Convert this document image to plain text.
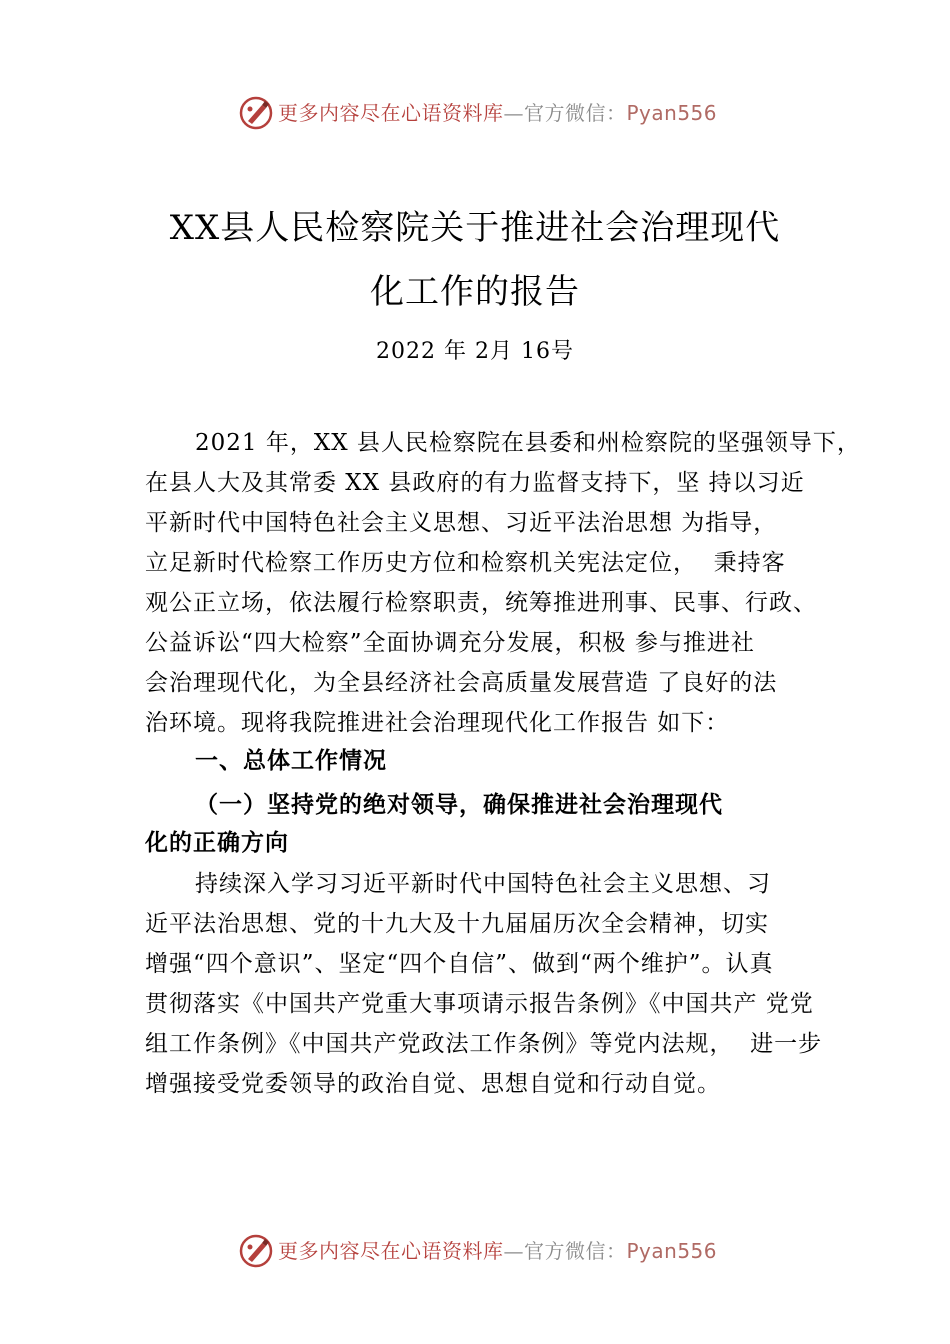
更多内容尽在心语资料库—官方微信：Pyan556
XX县人民检察院关于推进社会治理现代
化工作的报告
2022 年 2月 16号
2021 年，XX 县人民检察院在县委和州检察院的坚强领导下，
在县人大及其常委 XX 县政府的有力监督支持下，坚 持以习近
平新时代中国特色社会主义思想、习近平法治思想 为指导，
立足新时代检察工作历史方位和检察机关宪法定位，  秉持客
观公正立场，依法履行检察职责，统筹推进刑事、民事、行政、
公益诉讼“四大检察”全面协调充分发展，积极 参与推进社
会治理现代化，为全县经济社会高质量发展营造 了良好的法
治环境。现将我院推进社会治理现代化工作报告 如下：
一、总体工作情况
（一）坚持党的绝对领导，确保推进社会治理现代
化的正确方向
持续深入学习习近平新时代中国特色社会主义思想、习
近平法治思想、党的十九大及十九届届历次全会精神，切实
增强“四个意识”、坚定“四个自信”、做到“两个维护”。认真
贯彻落实《中国共产党重大事项请示报告条例》《中国共产 党党
组工作条例》《中国共产党政法工作条例》等党内法规，  进一步
增强接受党委领导的政治自觉、思想自觉和行动自觉。
更多内容尽在心语资料库—官方微信：Pyan556
